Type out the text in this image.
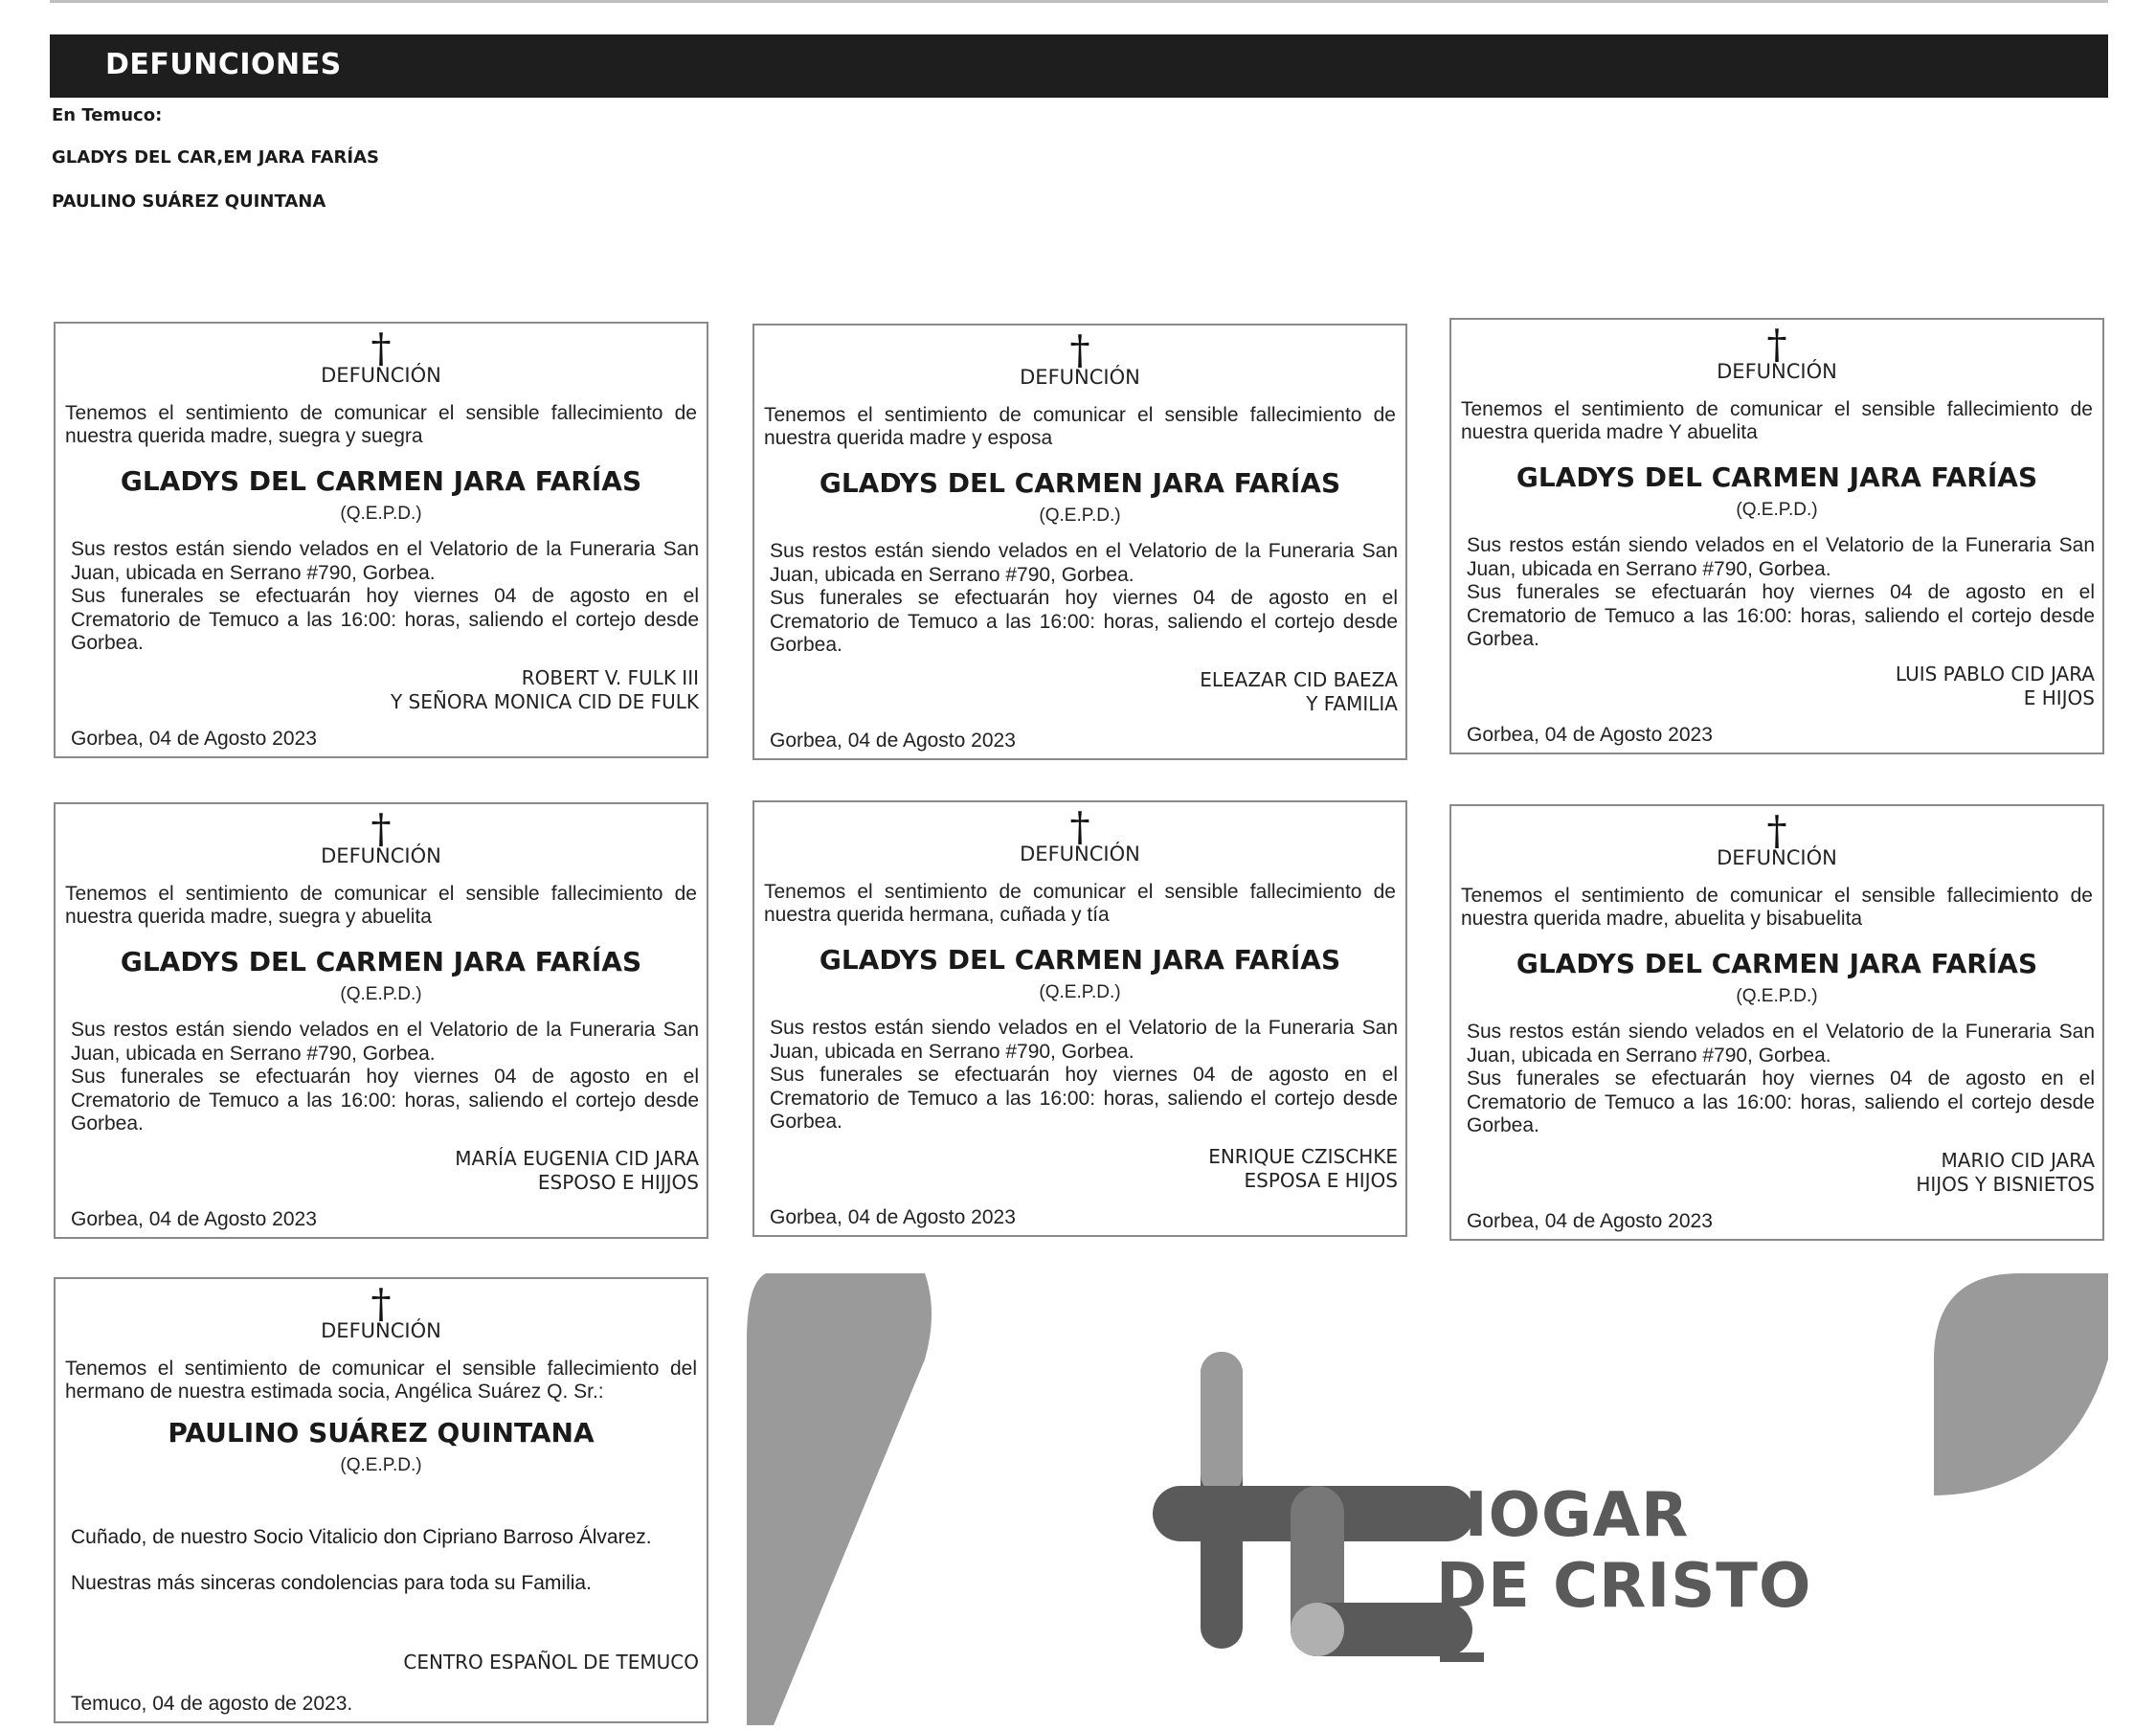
DEFUNCIONES
En Temuco:
GLADYS DEL CAR,EM JARA FARÍAS
PAULINO SUÁREZ QUINTANA
†
DEFUNCIÓN
Tenemos el sentimiento de comunicar el sensible fallecimiento de nuestra querida madre, suegra y suegra
GLADYS DEL CARMEN JARA FARÍAS
(Q.E.P.D.)

Sus restos están siendo velados en el Velatorio de la Funeraria San Juan, ubicada en Serrano #790, Gorbea.

Sus funerales se efectuarán hoy viernes 04 de agosto en el Crematorio de Temuco a las 16:00: horas, saliendo el cortejo desde Gorbea.

ROBERT V. FULK III
Y SEÑORA MONICA CID DE FULK
Gorbea, 04 de Agosto 2023
†
DEFUNCIÓN
Tenemos el sentimiento de comunicar el sensible fallecimiento de nuestra querida madre y esposa
GLADYS DEL CARMEN JARA FARÍAS
(Q.E.P.D.)

Sus restos están siendo velados en el Velatorio de la Funeraria San Juan, ubicada en Serrano #790, Gorbea.

Sus funerales se efectuarán hoy viernes 04 de agosto en el Crematorio de Temuco a las 16:00: horas, saliendo el cortejo desde Gorbea.

ELEAZAR CID BAEZA
Y FAMILIA
Gorbea, 04 de Agosto 2023
†
DEFUNCIÓN
Tenemos el sentimiento de comunicar el sensible fallecimiento de nuestra querida madre Y abuelita
GLADYS DEL CARMEN JARA FARÍAS
(Q.E.P.D.)

Sus restos están siendo velados en el Velatorio de la Funeraria San Juan, ubicada en Serrano #790, Gorbea.

Sus funerales se efectuarán hoy viernes 04 de agosto en el Crematorio de Temuco a las 16:00: horas, saliendo el cortejo desde Gorbea.

LUIS PABLO CID JARA
E HIJOS
Gorbea, 04 de Agosto 2023
†
DEFUNCIÓN
Tenemos el sentimiento de comunicar el sensible fallecimiento de nuestra querida madre, suegra y abuelita
GLADYS DEL CARMEN JARA FARÍAS
(Q.E.P.D.)

Sus restos están siendo velados en el Velatorio de la Funeraria San Juan, ubicada en Serrano #790, Gorbea.

Sus funerales se efectuarán hoy viernes 04 de agosto en el Crematorio de Temuco a las 16:00: horas, saliendo el cortejo desde Gorbea.

MARÍA EUGENIA CID JARA
ESPOSO E HIJJOS
Gorbea, 04 de Agosto 2023
†
DEFUNCIÓN
Tenemos el sentimiento de comunicar el sensible fallecimiento de nuestra querida hermana, cuñada y tía
GLADYS DEL CARMEN JARA FARÍAS
(Q.E.P.D.)

Sus restos están siendo velados en el Velatorio de la Funeraria San Juan, ubicada en Serrano #790, Gorbea.

Sus funerales se efectuarán hoy viernes 04 de agosto en el Crematorio de Temuco a las 16:00: horas, saliendo el cortejo desde Gorbea.

ENRIQUE CZISCHKE
ESPOSA E HIJOS
Gorbea, 04 de Agosto 2023
†
DEFUNCIÓN
Tenemos el sentimiento de comunicar el sensible fallecimiento de nuestra querida madre, abuelita y bisabuelita
GLADYS DEL CARMEN JARA FARÍAS
(Q.E.P.D.)

Sus restos están siendo velados en el Velatorio de la Funeraria San Juan, ubicada en Serrano #790, Gorbea.

Sus funerales se efectuarán hoy viernes 04 de agosto en el Crematorio de Temuco a las 16:00: horas, saliendo el cortejo desde Gorbea.

MARIO CID JARA
HIJOS Y BISNIETOS
Gorbea, 04 de Agosto 2023
†
DEFUNCIÓN
Tenemos el sentimiento de comunicar el sensible fallecimiento del hermano de nuestra estimada socia, Angélica Suárez Q. Sr.:
PAULINO SUÁREZ QUINTANA
(Q.E.P.D.)
Cuñado, de nuestro Socio Vitalicio don Cipriano Barroso Álvarez.
Nuestras más sinceras condolencias para toda su Familia.
CENTRO ESPAÑOL DE TEMUCO
Temuco, 04 de agosto de 2023.
HOGAR
DE CRISTO
